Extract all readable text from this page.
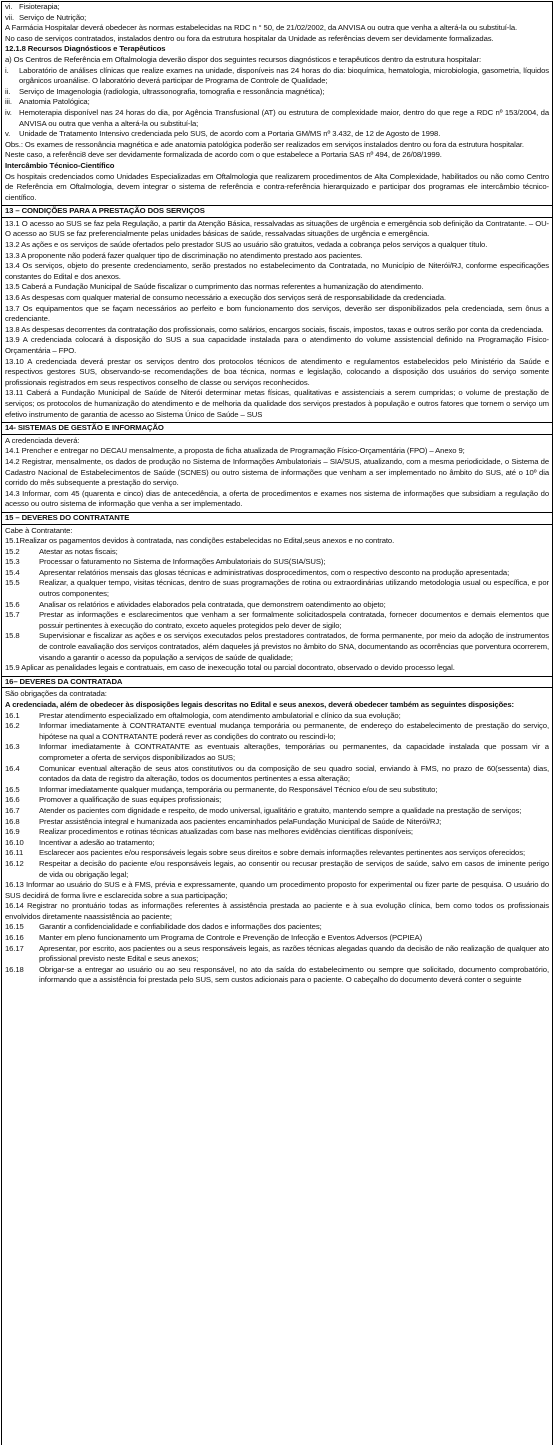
vi. Fisioterapia;
vii. Serviço de Nutrição;

A Farmácia Hospitalar deverá obedecer às normas estabelecidas na RDC n ° 50, de 21/02/2002, da ANVISA ou outra que venha a alterá-la ou substituí-la.

No caso de serviços contratados, instalados dentro ou fora da estrutura hospitalar da Unidade as referências devem ser devidamente formalizadas.

12.1.8 Recursos Diagnósticos e Terapêuticos

a) Os Centros de Referência em Oftalmologia deverão dispor dos seguintes recursos diagnósticos e terapêuticos dentro da estrutura hospitalar:

i.	Laboratório de análises clínicas que realize exames na unidade, disponíveis nas 24 horas do dia: bioquímica, hematologia, microbiologia, gasometria, líquidos orgânicos uroanálise. O laboratório deverá participar de Programa de Controle de Qualidade;
ii.	Serviço de Imagenologia (radiologia, ultrassonografia, tomografia e ressonância magnética);
iii. Anatomia Patológica;
iv. Hemoterapia disponível nas 24 horas do dia, por Agência Transfusional (AT) ou estrutura de complexidade maior, dentro do que rege a RDC nº 153/2004, da ANVISA ou outra que venha a alterá-la ou substituí-la;
v.	Unidade de Tratamento Intensivo credenciada pelo SUS, de acordo com a Portaria GM/MS nº 3.432, de 12 de Agosto de 1998.

Obs.: Os exames de ressonância magnética e ade anatomia patológica poderão ser realizados em serviços instalados dentro ou fora da estrutura hospitalar.

Neste caso, a referênci8 deve ser devidamente formalizada de acordo com o que estabelece a Portaria SAS nº 494, de 26/08/1999.

Intercâmbio Técnico-Científico

Os hospitais credenciados como Unidades Especializadas em Oftalmologia que realizarem procedimentos de Alta Complexidade, habilitados ou não como Centro de Referência em Oftalmologia, devem integrar o sistema de referência e contra-referência hierarquizado e participar dos programas ele intercâmbio técnico-científico.

13 – CONDIÇÕES PARA A PRESTAÇÃO DOS SERVIÇOS

13.1 O acesso ao SUS se faz pela Regulação, a partir da Atenção Básica, ressalvadas as situações de urgência e emergência sob definição da Contratante. – OU- O acesso ao SUS se faz preferencialmente pelas unidades básicas de saúde, ressalvadas situações de urgência e emergência.

13.2 As ações e os serviços de saúde ofertados pelo prestador SUS ao usuário são gratuitos, vedada a cobrança pelos serviços a qualquer título.

13.3 A proponente não poderá fazer qualquer tipo de discriminação no atendimento prestado aos pacientes.

13.4 Os serviços, objeto do presente credenciamento, serão prestados no estabelecimento da Contratada, no Município de Niterói/RJ, conforme especificações constantes do Edital e dos anexos.

13.5 Caberá a Fundação Municipal de Saúde fiscalizar o cumprimento das normas referentes a humanização do atendimento.

13.6 As despesas com qualquer material de consumo necessário a execução dos serviços será de responsabilidade da credenciada.

13.7 Os equipamentos que se façam necessários ao perfeito e bom funcionamento dos serviços, deverão ser disponibilizados pela credenciada, sem ônus a credenciante.

13.8 As despesas decorrentes da contratação dos profissionais, como salários, encargos sociais, fiscais, impostos, taxas e outros serão por conta da credenciada.

13.9 A credenciada colocará à disposição do SUS a sua capacidade instalada para o atendimento do volume assistencial definido na Programação Físico-Orçamentária – FPO.

13.10 A credenciada deverá prestar os serviços dentro dos protocolos técnicos de atendimento e regulamentos estabelecidos pelo Ministério da Saúde e respectivos gestores SUS, observando-se recomendações de boa técnica, normas e legislação, colocando a disposição dos usuários do serviço somente profissionais registrados em seus respectivos conselho de classe ou serviços reconhecidos.

13.11 Caberá a Fundação Municipal de Saúde de Niterói determinar metas físicas, qualitativas e assistenciais a serem cumpridas; o volume de prestação de serviços; os protocolos de humanização do atendimento e de melhoria da qualidade dos serviços prestados à população e outros fatores que tornem o serviço um efetivo instrumento de garantia de acesso ao Sistema Único de Saúde – SUS

14- SISTEMAS DE GESTÃO E INFORMAÇÃO

A credenciada deverá:

14.1 Prencher e entregar no DECAU mensalmente, a proposta de ficha atualizada de Programação Físico-Orçamentária (FPO) – Anexo 9;

14.2 Registrar, mensalmente, os dados de produção no Sistema de Informações Ambulatoriais – SIA/SUS, atualizando, com a mesma periodicidade, o Sistema de Cadastro Nacional de Estabelecimentos de Saúde (SCNES) ou outro sistema de informações que venham a ser implementado no âmbito do SUS, até o 10º dia corrido do mês subsequente a prestação do serviço.

14.3 Informar, com 45 (quarenta e cinco) dias de antecedência, a oferta de procedimentos e exames nos sistema de informações que subsidiam a regulação do acesso ou outro sistema de informação que venha a ser implementado.

15 – DEVERES DO CONTRATANTE

Cabe à Contratante:

15.1Realizar os pagamentos devidos à contratada, nas condições estabelecidas no Edital,seus anexos e no contrato.

15.2	Atestar as notas fiscais;
15.3	Processar o faturamento no Sistema de Informações Ambulatoriais do SUS(SIA/SUS);
15.4	Apresentar relatórios mensais das glosas técnicas e administrativas dosprocedimentos, com o respectivo desconto na produção apresentada;
15.5	Realizar, a qualquer tempo, visitas técnicas, dentro de suas programações de rotina ou extraordinárias utilizando metodologia usual ou específica, e por outros componentes;
15.6	Analisar os relatórios e atividades elaborados pela contratada, que demonstrem oatendimento ao objeto;
15.7	Prestar as informações e esclarecimentos que venham a ser formalmente solicitadospela contratada, fornecer documentos e demais elementos que possuir pertinentes à execução do contrato, exceto aqueles protegidos pelo dever de sigilo;
15.8	Supervisionar e fiscalizar as ações e os serviços executados pelos prestadores contratados, de forma permanente, por meio da adoção de instrumentos de controle eavaliação dos serviços contratados, além daqueles já previstos no âmbito do SNA, documentando as ocorrências que porventura ocorrerem, visando a garantir o acesso da população a serviços de saúde de qualidade;

15.9 Aplicar as penalidades legais e contratuais, em caso de inexecução total ou parcial docontrato, observado o devido processo legal.

16– DEVERES DA CONTRATADA

São obrigações da contratada:

A credenciada, além de obedecer às disposições legais descritas no Edital e seus anexos, deverá obedecer também as seguintes disposições:

16.1	Prestar atendimento especializado em oftalmologia, com atendimento ambulatorial e clínico da sua evolução;
16.2	Informar imediatamente à CONTRATANTE eventual mudança temporária ou permanente, de endereço do estabelecimento de prestação do serviço, hipótese na qual a CONTRATANTE poderá rever as condições do contrato ou rescindi-lo;
16.3	Informar imediatamente à CONTRATANTE as eventuais alterações, temporárias ou permanentes, da capacidade instalada que possam vir a comprometer a oferta de serviços disponibilizados ao SUS;
16.4	Comunicar eventual alteração de seus atos constitutivos ou da composição de seu quadro social, enviando à FMS, no prazo de 60(sessenta) dias, contados da data de registro da alteração, todos os documentos pertinentes a essa alteração;
16.5	Informar imediatamente qualquer mudança, temporária ou permanente, do Responsável Técnico e/ou de seu substituto;
16.6	Promover a qualificação de suas equipes profissionais;
16.7	Atender os pacientes com dignidade e respeito, de modo universal, igualitário e gratuito, mantendo sempre a qualidade na prestação de serviços;
16.8	Prestar assistência integral e humanizada aos pacientes encaminhados pelaFundação Municipal de Saúde de Niterói/RJ;
16.9	Realizar procedimentos e rotinas técnicas atualizadas com base nas melhores evidências científicas disponíveis;
16.10	Incentivar a adesão ao tratamento;
16.11	Esclarecer aos pacientes e/ou responsáveis legais sobre seus direitos e sobre demais informações relevantes pertinentes aos serviços oferecidos;
16.12	Respeitar a decisão do paciente e/ou responsáveis legais, ao consentir ou recusar prestação de serviços de saúde, salvo em casos de iminente perigo de vida ou obrigação legal;

16.13 Informar ao usuário do SUS e à FMS, prévia e expressamente, quando um procedimento proposto for experimental ou fizer parte de pesquisa. O usuário do SUS decidirá de forma livre e esclarecida sobre a sua participação;

16.14 Registrar no prontuário todas as informações referentes à assistência prestada ao paciente e à sua evolução clínica, bem como todos os profissionais envolvidos diretamente naassistência ao paciente;

16.15	Garantir a confidencialidade e confiabilidade dos dados e informações dos pacientes;
16.16	Manter em pleno funcionamento um Programa de Controle e Prevenção de Infecção e Eventos Adversos (PCPIEA)
16.17	Apresentar, por escrito, aos pacientes ou a seus responsáveis legais, as razões técnicas alegadas quando da decisão de não realização de qualquer ato profissional previsto neste Edital e seus anexos;
16.18	Obrigar-se a entregar ao usuário ou ao seu responsável, no ato da saída do estabelecimento ou sempre que solicitado, documento comprobatório, informando que a assistência foi prestada pelo SUS, sem custos adicionais para o paciente. O cabeçalho do documento deverá conter o seguinte
